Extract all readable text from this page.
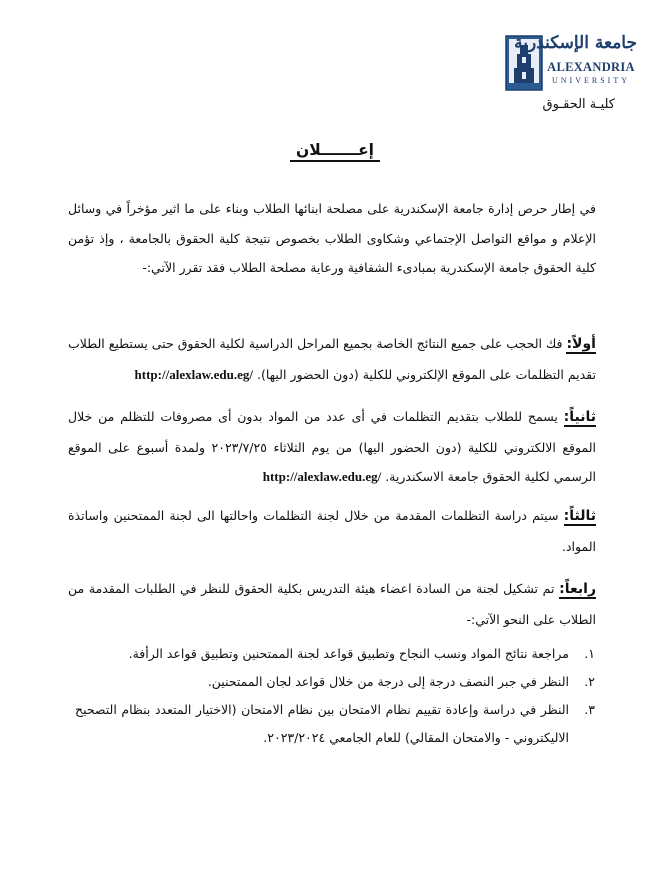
جامعة الإسكندرية
ALEXANDRIA
UNIVERSITY
كليـة الحقـوق
إعـــــــلان
في إطار حرص إدارة جامعة الإسكندرية على مصلحة ابنائها الطلاب وبناء على ما اثير مؤخراً في وسائل الإعلام و مواقع التواصل الإجتماعي وشكاوى الطلاب بخصوص نتيجة كلية الحقوق بالجامعة ، وإذ تؤمن كلية الحقوق جامعة الإسكندرية بمبادىء الشفافية ورعاية مصلحة الطلاب فقد تقرر الآتي:-
أولاً: فك الحجب على جميع النتائج الخاصة بجميع المراحل الدراسية لكلية الحقوق حتى يستطيع الطلاب تقديم التظلمات على الموقع الإلكتروني للكلية (دون الحضور اليها). http://alexlaw.edu.eg/
ثانياً: يسمح للطلاب بتقديم التظلمات في أى عدد من المواد بدون أى مصروفات للتظلم من خلال الموقع الالكتروني للكلية (دون الحضور اليها) من يوم الثلاثاء ٢٠٢٣/٧/٢٥ ولمدة أسبوع على الموقع الرسمي لكلية الحقوق جامعة الاسكندرية. http://alexlaw.edu.eg/
ثالثاً: سيتم دراسة التظلمات المقدمة من خلال لجنة التظلمات واحالتها الى لجنة الممتحنين واساتذة المواد.
رابعاً: تم تشكيل لجنة من السادة اعضاء هيئة التدريس بكلية الحقوق للنظر في الطلبات المقدمة من الطلاب على النحو الآتي:-
١.
مراجعة نتائج المواد ونسب النجاح وتطبيق قواعد لجنة الممتحنين وتطبيق قواعد الرأفة.
٢.
النظر في جبر النصف درجة إلى درجة من خلال قواعد لجان الممتحنين.
٣.
النظر في دراسة وإعادة تقييم نظام الامتحان بين نظام الامتحان (الاختيار المتعدد بنظام التصحيح الاليكتروني - والامتحان المقالي) للعام الجامعي ٢٠٢٣/٢٠٢٤.
